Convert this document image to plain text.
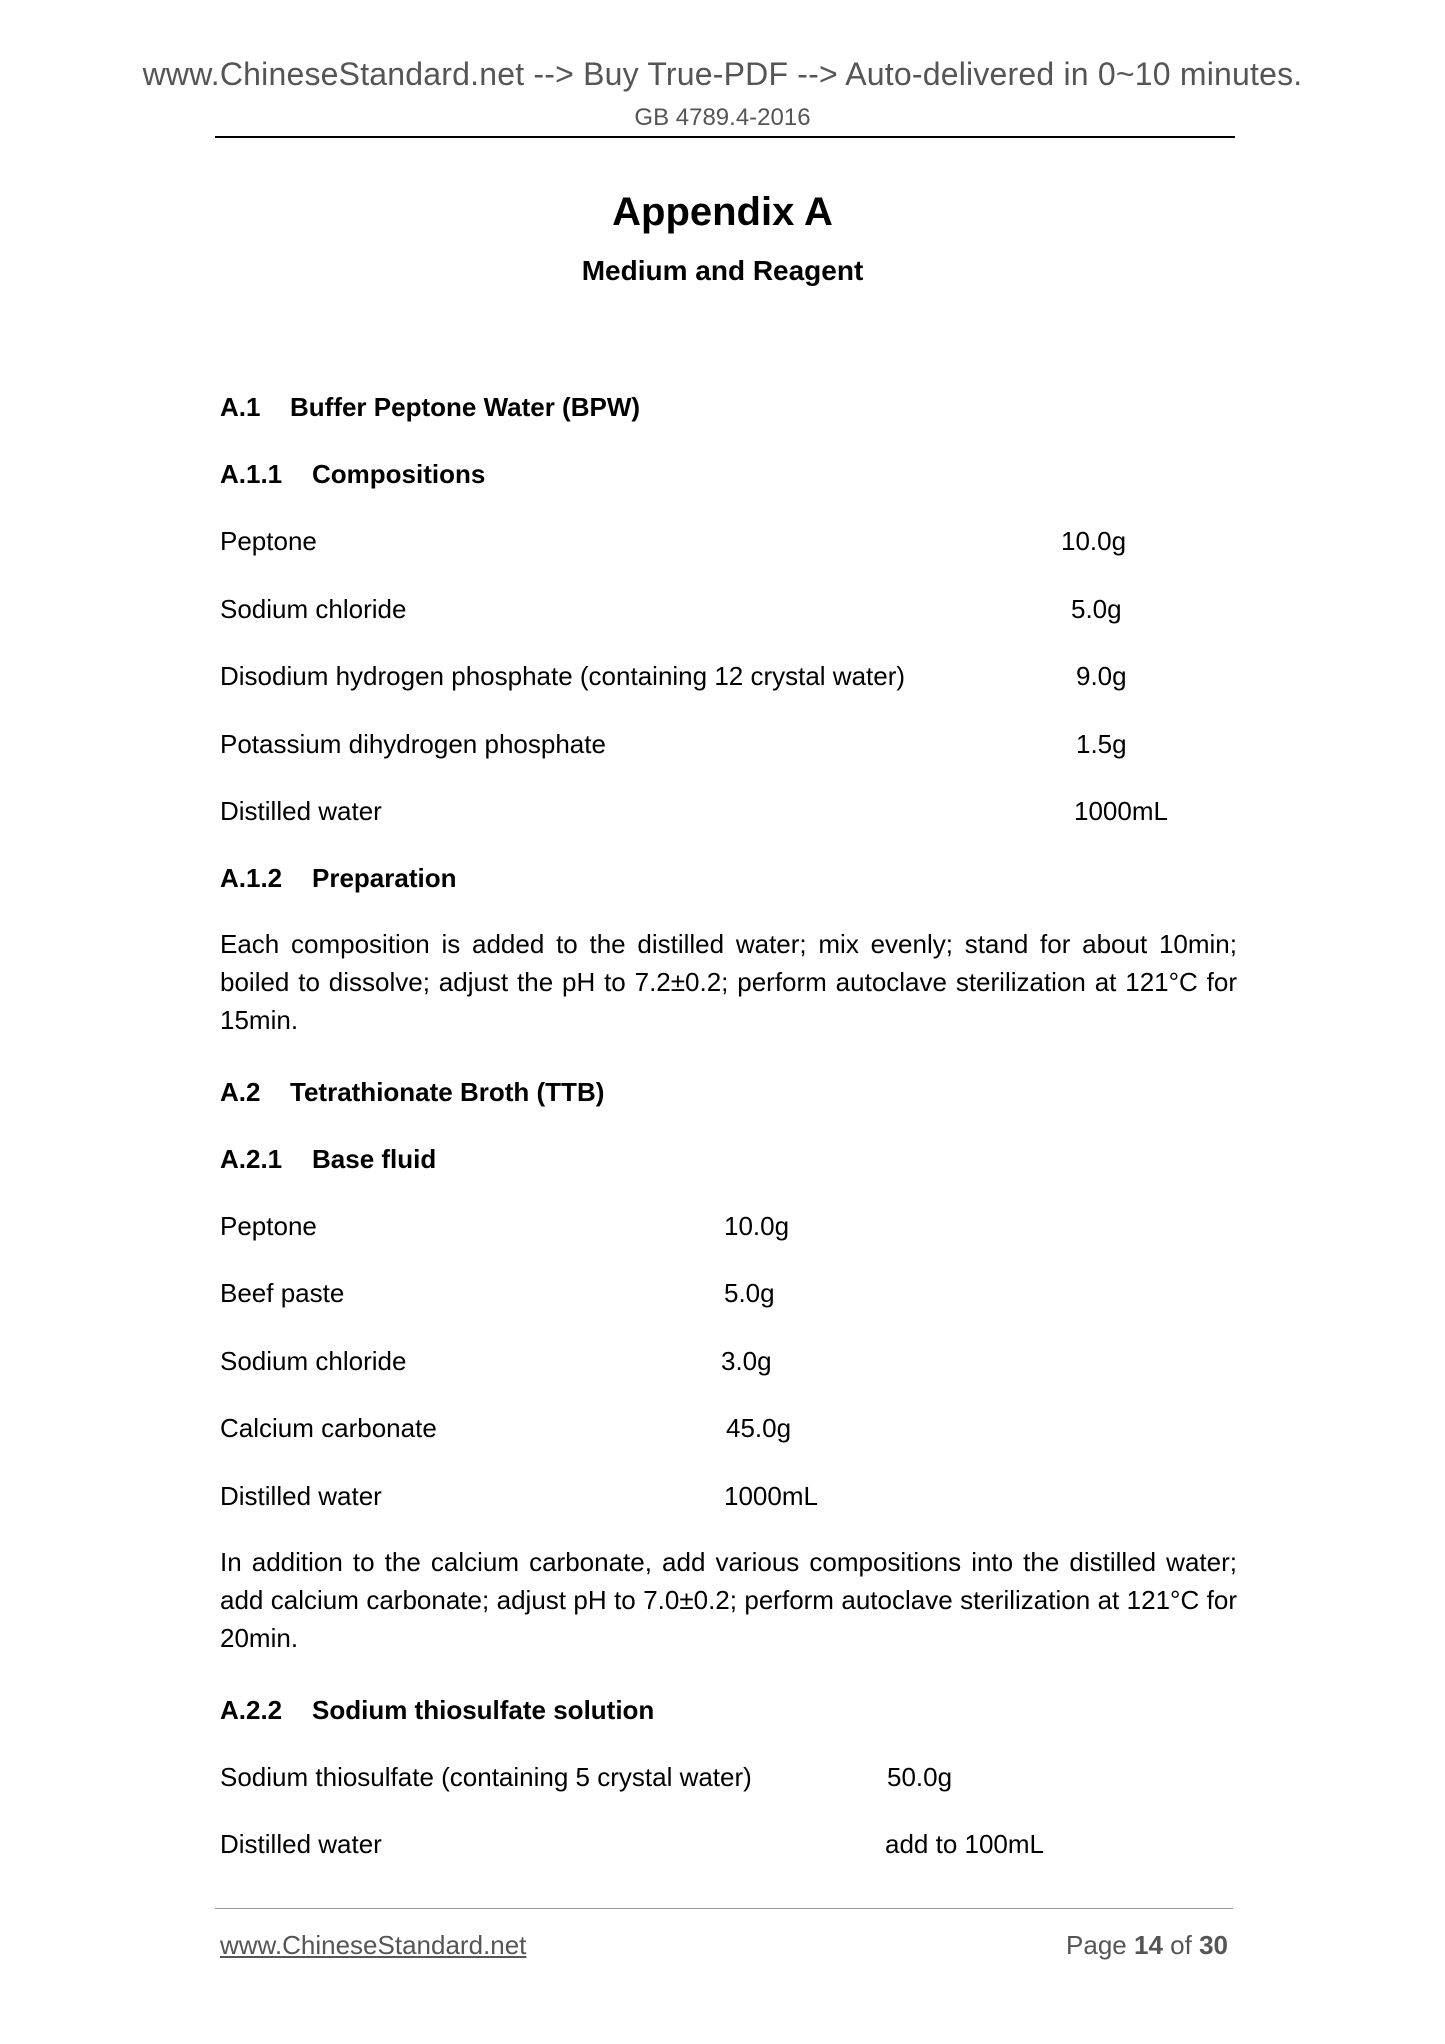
www.ChineseStandard.net --> Buy True-PDF --> Auto-delivered in 0~10 minutes.
GB 4789.4-2016
Appendix A
Medium and Reagent
A.1 Buffer Peptone Water (BPW)
A.1.1 Compositions
Peptone	10.0g
Sodium chloride	5.0g
Disodium hydrogen phosphate (containing 12 crystal water)	9.0g
Potassium dihydrogen phosphate	1.5g
Distilled water	1000mL
A.1.2 Preparation
Each composition is added to the distilled water; mix evenly; stand for about 10min; boiled to dissolve; adjust the pH to 7.2±0.2; perform autoclave sterilization at 121°C for 15min.
A.2 Tetrathionate Broth (TTB)
A.2.1 Base fluid
Peptone	10.0g
Beef paste	5.0g
Sodium chloride	3.0g
Calcium carbonate	45.0g
Distilled water	1000mL
In addition to the calcium carbonate, add various compositions into the distilled water; add calcium carbonate; adjust pH to 7.0±0.2; perform autoclave sterilization at 121°C for 20min.
A.2.2 Sodium thiosulfate solution
Sodium thiosulfate (containing 5 crystal water)	50.0g
Distilled water	add to 100mL
www.ChineseStandard.net	Page 14 of 30
